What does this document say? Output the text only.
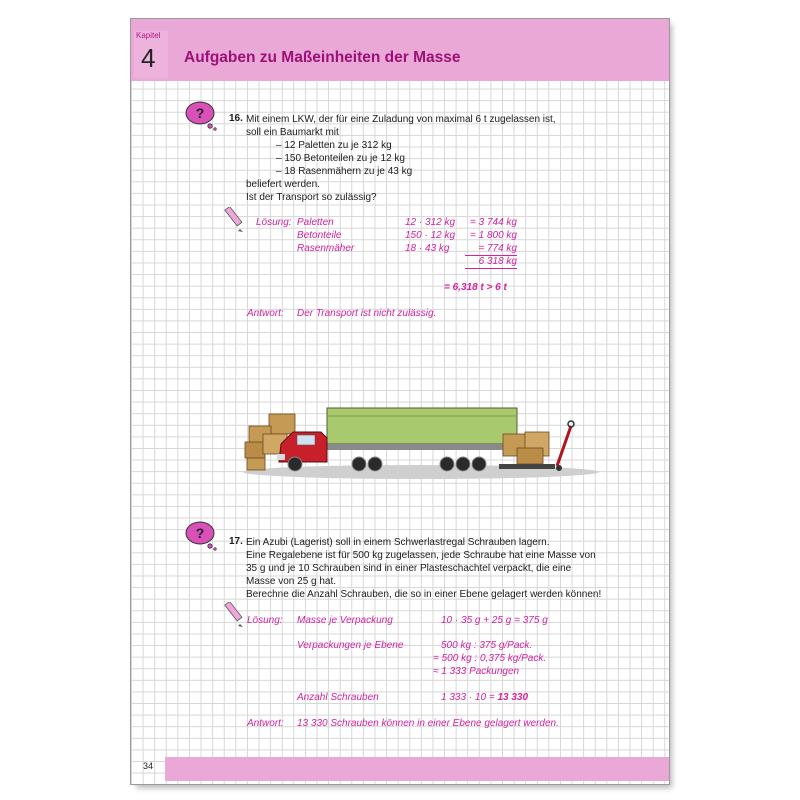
Kapitel
4 Aufgaben zu Maßeinheiten der Masse
? 16. Mit einem LKW, der für eine Zuladung von maximal 6 t zugelassen ist,
soll ein Baumarkt mit
– 12 Paletten zu je 312 kg
– 150 Betonteilen zu je 12 kg
– 18 Rasenmähern zu je 43 kg
beliefert werden.
Ist der Transport so zulässig?
Lösung: Paletten	12 · 312 kg	= 3 744 kg
Betonteile	150 · 12 kg	= 1 800 kg
Rasenmäher	18 · 43 kg	= 774 kg
6 318 kg
= 6,318 t > 6 t
Antwort: Der Transport ist nicht zulässig.
?
17. Ein Azubi (Lagerist) soll in einem Schwerlastregal Schrauben lagern.
Eine Regalebene ist für 500 kg zugelassen, jede Schraube hat eine Masse von
35 g und je 10 Schrauben sind in einer Plasteschachtel verpackt, die eine
Masse von 25 g hat.
Berechne die Anzahl Schrauben, die so in einer Ebene gelagert werden können!
Lösung: Masse je Verpackung	10 · 35 g + 25 g = 375 g
Verpackungen je Ebene	500 kg : 375 g/Pack.
= 500 kg : 0,375 kg/Pack.
≈ 1 333 Packungen
Anzahl Schrauben	1 333 · 10 = 13 330
Antwort: 13 330 Schrauben können in einer Ebene gelagert werden.
34
